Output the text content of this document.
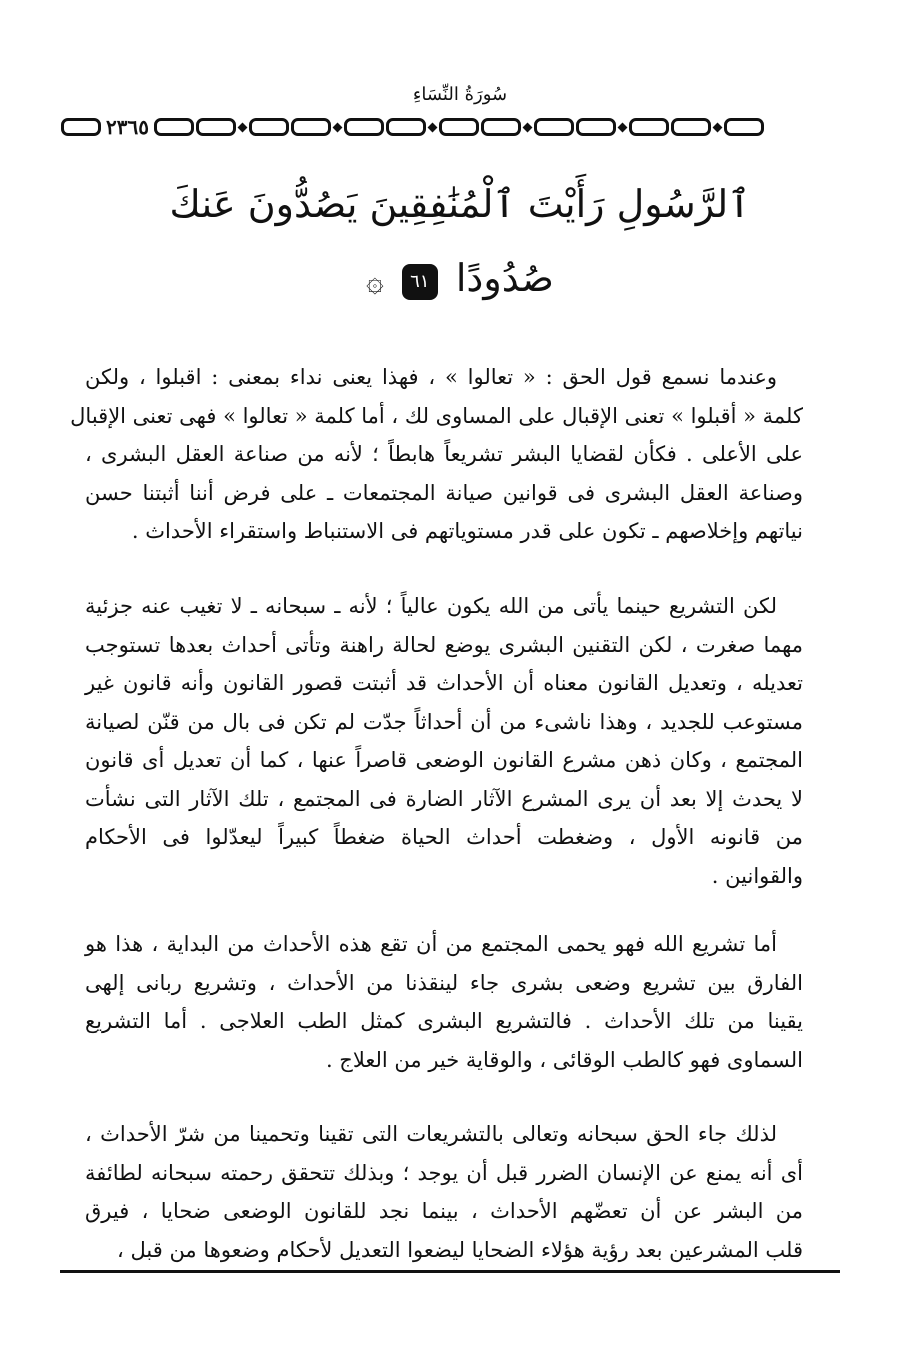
سُورَةُ النِّسَاءِ
٢٣٦٥
ٱلرَّسُولِ رَأَيْتَ ٱلْمُنَٰفِقِينَ يَصُدُّونَ عَنكَ
صُدُودًا ٦١ ۞
وعندما نسمع قول الحق : « تعالوا » ، فهذا يعنى نداء بمعنى : اقبلوا ، ولكن
كلمة « أقبلوا » تعنى الإقبال على المساوى لك ، أما كلمة « تعالوا » فهى تعنى الإقبال
على الأعلى . فكأن لقضايا البشر تشريعاً هابطاً ؛ لأنه من صناعة العقل البشرى ،
وصناعة العقل البشرى فى قوانين صيانة المجتمعات ـ على فرض أننا أثبتنا حسن
نياتهم وإخلاصهم ـ تكون على قدر مستوياتهم فى الاستنباط واستقراء الأحداث .
لكن التشريع حينما يأتى من الله يكون عالياً ؛ لأنه ـ سبحانه ـ لا تغيب عنه جزئية
مهما صغرت ، لكن التقنين البشرى يوضع لحالة راهنة وتأتى أحداث بعدها تستوجب
تعديله ، وتعديل القانون معناه أن الأحداث قد أثبتت قصور القانون وأنه قانون غير
مستوعب للجديد ، وهذا ناشىء من أن أحداثاً جدّت لم تكن فى بال من قنّن لصيانة
المجتمع ، وكان ذهن مشرع القانون الوضعى قاصراً عنها ، كما أن تعديل أى قانون
لا يحدث إلا بعد أن يرى المشرع الآثار الضارة فى المجتمع ، تلك الآثار التى نشأت
من قانونه الأول ، وضغطت أحداث الحياة ضغطاً كبيراً ليعدّلوا فى الأحكام
والقوانين .
أما تشريع الله فهو يحمى المجتمع من أن تقع هذه الأحداث من البداية ، هذا هو
الفارق بين تشريع وضعى بشرى جاء لينقذنا من الأحداث ، وتشريع ربانى إلهى
يقينا من تلك الأحداث . فالتشريع البشرى كمثل الطب العلاجى . أما التشريع
السماوى فهو كالطب الوقائى ، والوقاية خير من العلاج .
لذلك جاء الحق سبحانه وتعالى بالتشريعات التى تقينا وتحمينا من شرّ الأحداث ،
أى أنه يمنع عن الإنسان الضرر قبل أن يوجد ؛ وبذلك تتحقق رحمته سبحانه لطائفة
من البشر عن أن تعضّهم الأحداث ، بينما نجد للقانون الوضعى ضحايا ، فيرق
قلب المشرعين بعد رؤية هؤلاء الضحايا ليضعوا التعديل لأحكام وضعوها من قبل ،
